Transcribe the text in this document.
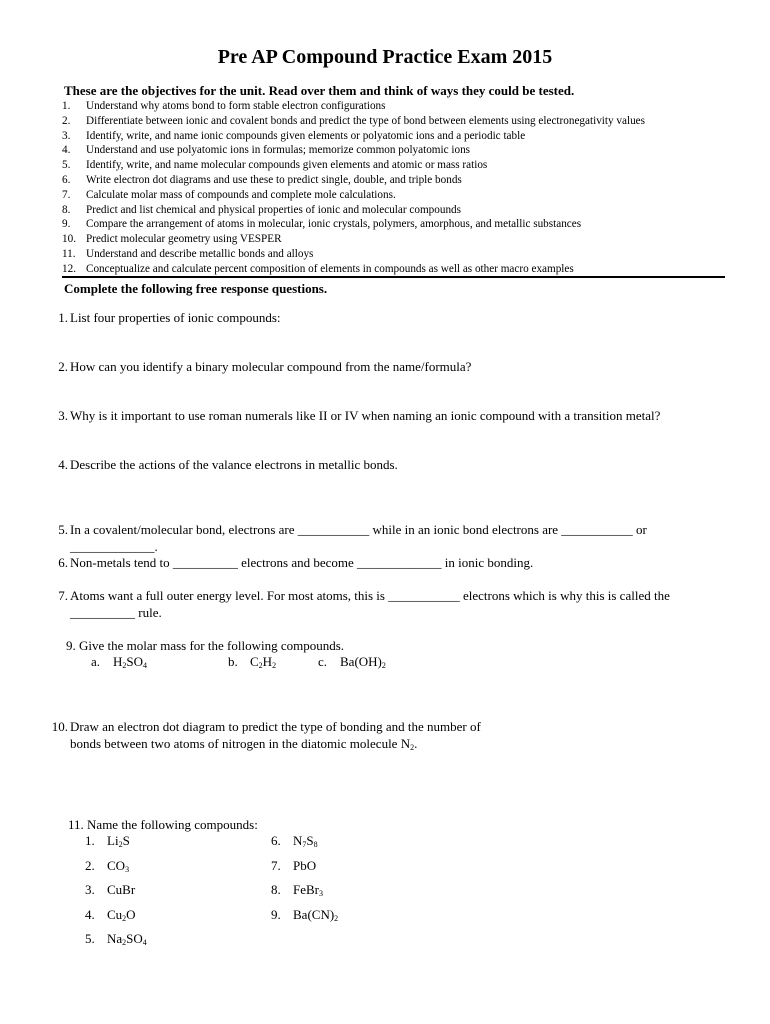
Pre AP Compound Practice Exam 2015
These are the objectives for the unit. Read over them and think of ways they could be tested.
1.	Understand why atoms bond to form stable electron configurations
2.	Differentiate between ionic and covalent bonds and predict the type of bond between elements using electronegativity values
3.	Identify, write, and name ionic compounds given elements or polyatomic ions and a periodic table
4.	Understand and use polyatomic ions in formulas; memorize common polyatomic ions
5.	Identify, write, and name molecular compounds given elements and atomic or mass ratios
6.	Write electron dot diagrams and use these to predict single, double, and triple bonds
7.	Calculate molar mass of compounds and complete mole calculations.
8.	Predict and list chemical and physical properties of ionic and molecular compounds
9.	Compare the arrangement of atoms in molecular, ionic crystals, polymers, amorphous, and metallic substances
10. Predict molecular geometry using VESPER
11. Understand and describe metallic bonds and alloys
12. Conceptualize and calculate percent composition of elements in compounds as well as other macro examples
Complete the following free response questions.
1. List four properties of ionic compounds:
2. How can you identify a binary molecular compound from the name/formula?
3. Why is it important to use roman numerals like II or IV when naming an ionic compound with a transition metal?
4. Describe the actions of the valance electrons in metallic bonds.
5. In a covalent/molecular bond, electrons are ___________ while in an ionic bond electrons are ___________ or _____________.
6. Non-metals tend to __________ electrons and become _____________ in ionic bonding.
7. Atoms want a full outer energy level. For most atoms, this is ___________ electrons which is why this is called the __________ rule.
9. Give the molar mass for the following compounds.
a. $H_2SO_4$	b. $C_2H_2$	c. $Ba(OH)_2$
10. Draw an electron dot diagram to predict the type of bonding and the number of bonds between two atoms of nitrogen in the diatomic molecule $N_2$.
11. Name the following compounds:
1. $Li_2S$
2. $CO_3$
3. CuBr
4. $Cu_2O$
5. $Na_2SO_4$
6. $N_7S_8$
7. PbO
8. FeBr$_3$
9. $Ba(CN)_2$
